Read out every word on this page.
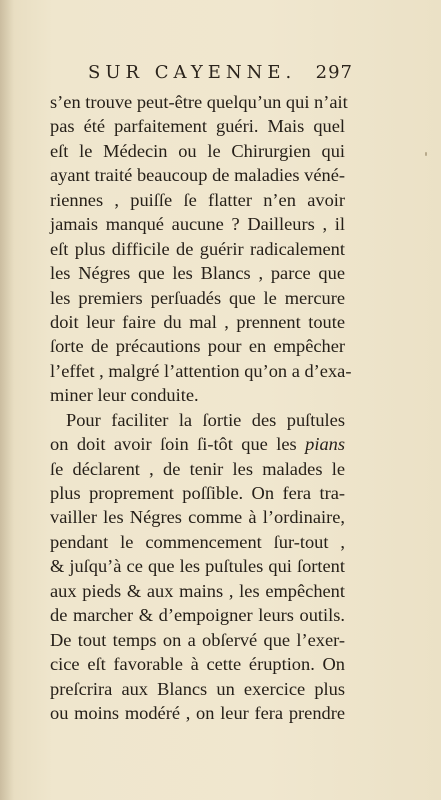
SUR CAYENNE. 297
s’en trouve peut-être quelqu’un qui n’ait
pas été parfaitement guéri. Mais quel
eſt le Médecin ou le Chirurgien qui
ayant traité beaucoup de maladies véné-
riennes , puiſſe ſe flatter n’en avoir
jamais manqué aucune ? Dailleurs , il
eſt plus difficile de guérir radicalement
les Négres que les Blancs , parce que
les premiers perſuadés que le mercure
doit leur faire du mal , prennent toute
ſorte de précautions pour en empêcher
l’effet , malgré l’attention qu’on a d’exa-
miner leur conduite.
Pour faciliter la ſortie des puſtules
on doit avoir ſoin ſi-tôt que les pians
ſe déclarent , de tenir les malades le
plus proprement poſſible. On fera tra-
vailler les Négres comme à l’ordinaire,
pendant le commencement ſur-tout ,
& juſqu’à ce que les puſtules qui ſortent
aux pieds & aux mains , les empêchent
de marcher & d’empoigner leurs outils.
De tout temps on a obſervé que l’exer-
cice eſt favorable à cette éruption. On
preſcrira aux Blancs un exercice plus
ou moins modéré , on leur fera prendre
